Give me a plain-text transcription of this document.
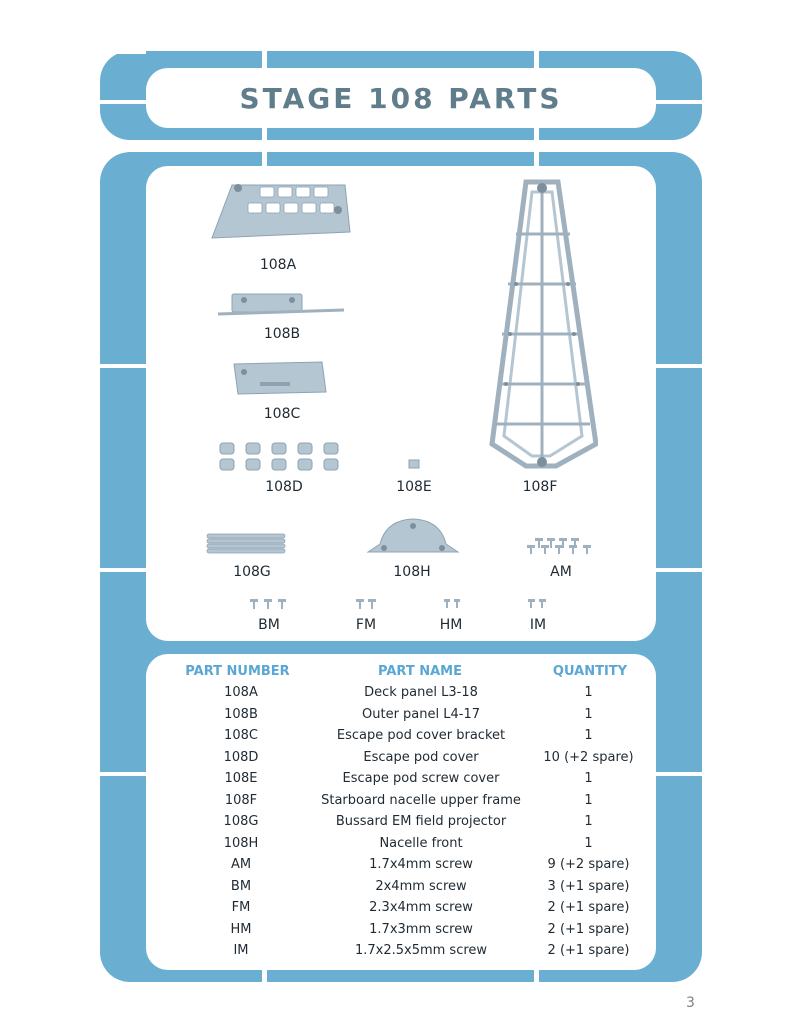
STAGE 108 PARTS
108A
108B
108C
108D	108E	108F
108G	108H	AM
BM	FM	HM	IM
PART NUMBER	PART NAME	QUANTITY
108A	Deck panel L3-18	1
108B	Outer panel L4-17	1
108C	Escape pod cover bracket	1
108D	Escape pod cover	10 (+2 spare)
108E	Escape pod screw cover	1
108F	Starboard nacelle upper frame	1
108G	Bussard EM field projector	1
108H	Nacelle front	1
AM	1.7x4mm screw	9 (+2 spare)
BM	2x4mm screw	3 (+1 spare)
FM	2.3x4mm screw	2 (+1 spare)
HM	1.7x3mm screw	2 (+1 spare)
IM	1.7x2.5x5mm screw	2 (+1 spare)
3
